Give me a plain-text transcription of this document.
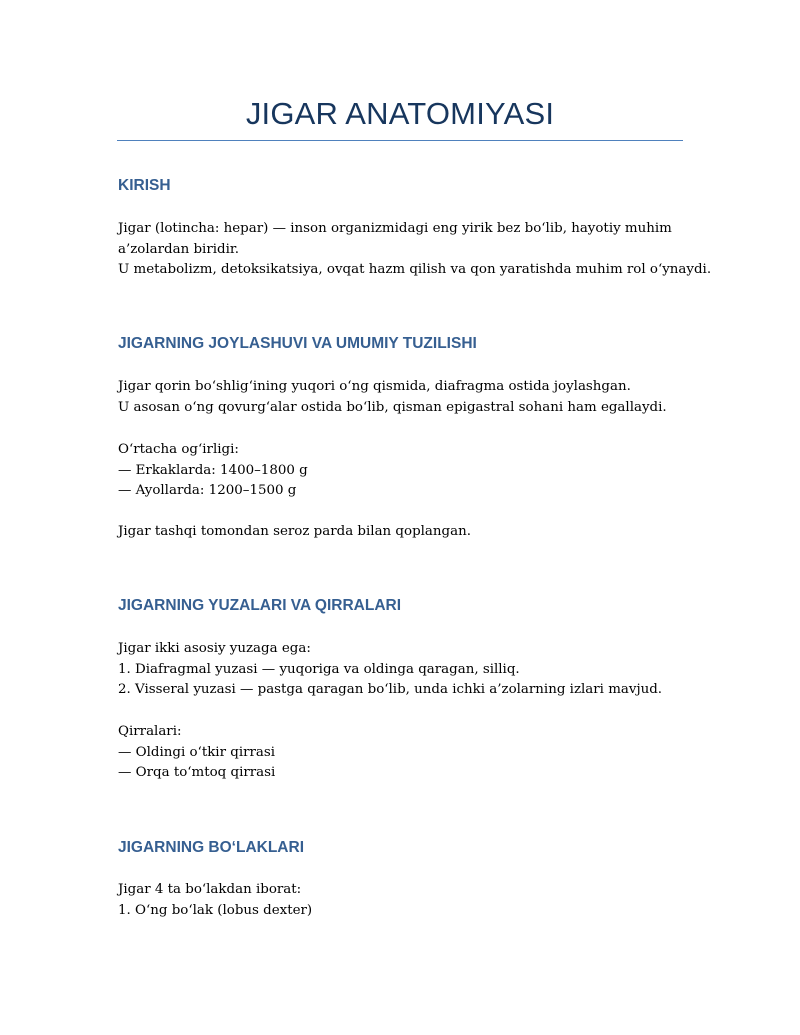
JIGAR ANATOMIYASI
KIRISH
Jigar (lotincha: hepar) — inson organizmidagi eng yirik bez bo‘lib, hayotiy muhim
a’zolardan biridir.
U metabolizm, detoksikatsiya, ovqat hazm qilish va qon yaratishda muhim rol o‘ynaydi.
JIGARNING JOYLASHUVI VA UMUMIY TUZILISHI
Jigar qorin bo‘shlig‘ining yuqori o‘ng qismida, diafragma ostida joylashgan.
U asosan o‘ng qovurg‘alar ostida bo‘lib, qisman epigastral sohani ham egallaydi.
O‘rtacha og‘irligi:
— Erkaklarda: 1400–1800 g
— Ayollarda: 1200–1500 g
Jigar tashqi tomondan seroz parda bilan qoplangan.
JIGARNING YUZALARI VA QIRRALARI
Jigar ikki asosiy yuzaga ega:
1. Diafragmal yuzasi — yuqoriga va oldinga qaragan, silliq.
2. Visseral yuzasi — pastga qaragan bo‘lib, unda ichki a’zolarning izlari mavjud.
Qirralari:
— Oldingi o‘tkir qirrasi
— Orqa to‘mtoq qirrasi
JIGARNING BO‘LAKLARI
Jigar 4 ta bo‘lakdan iborat:
1. O‘ng bo‘lak (lobus dexter)
